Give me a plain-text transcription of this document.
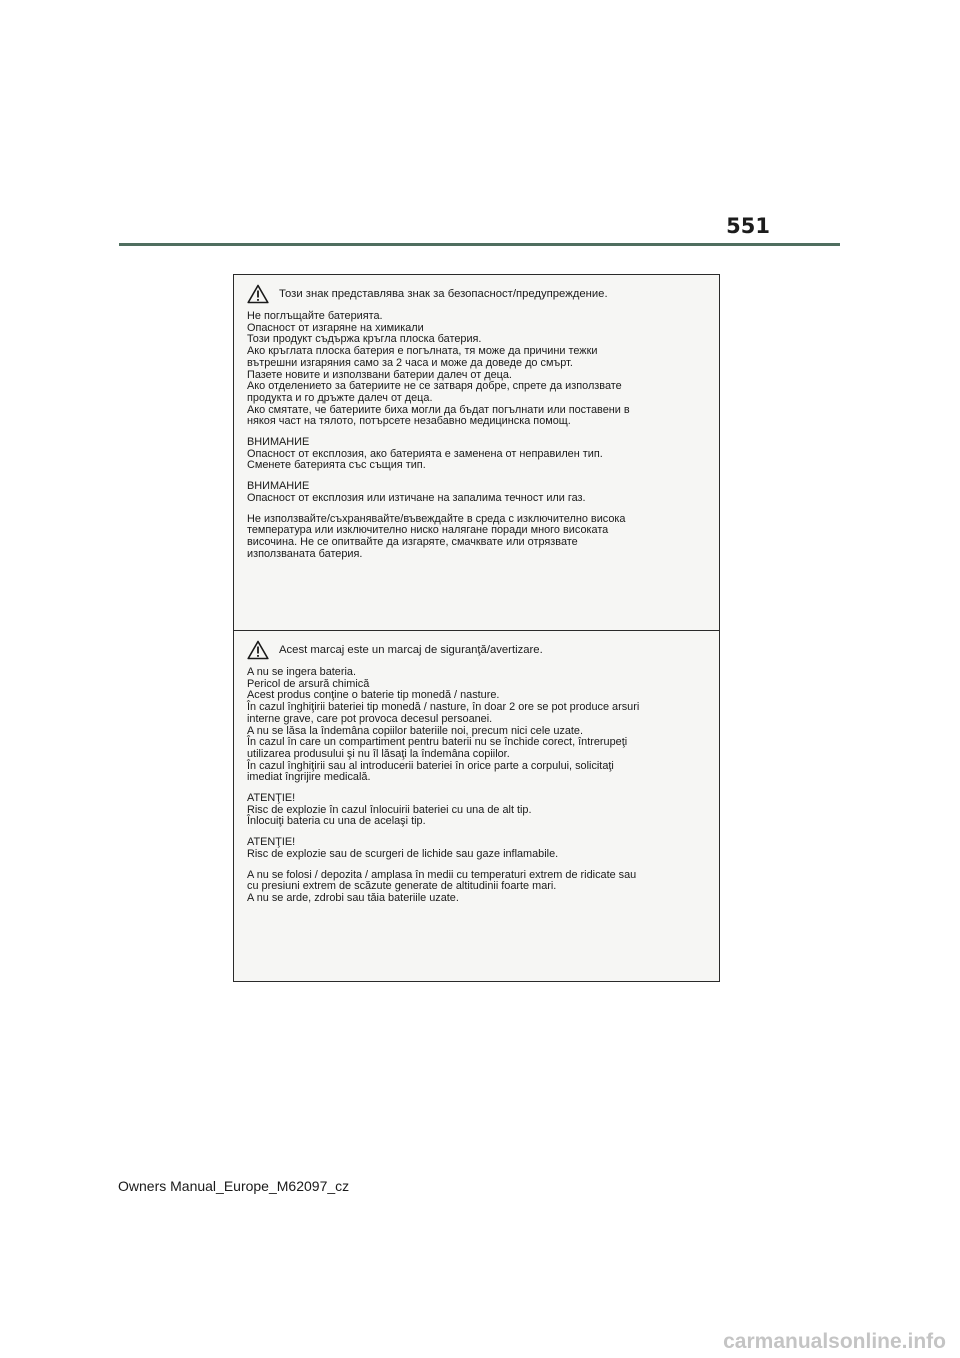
551
Този знак представлява знак за безопасност/предупреждение.

Не поглъщайте батерията.
Опасност от изгаряне на химикали
Този продукт съдържа кръгла плоска батерия.
Ако кръглата плоска батерия е погълната, тя може да причини тежки
вътрешни изгаряния само за 2 часа и може да доведе до смърт.
Пазете новите и използвани батерии далеч от деца.
Ако отделението за батериите не се затваря добре, спрете да използвате
продукта и го дръжте далеч от деца.
Ако смятате, че батериите биха могли да бъдат погълнати или поставени в
някоя част на тялото, потърсете незабавно медицинска помощ.

ВНИМАНИЕ
Опасност от експлозия, ако батерията е заменена от неправилен тип.
Сменете батерията със същия тип.

ВНИМАНИЕ
Опасност от експлозия или изтичане на запалима течност или газ.

Не използвайте/съхранявайте/въвеждайте в среда с изключително висока
температура или изключително ниско налягане поради много високата
височина. Не се опитвайте да изгаряте, смачквате или отрязвате
използваната батерия.

Acest marcaj este un marcaj de siguranţă/avertizare.

A nu se ingera bateria.
Pericol de arsură chimică
Acest produs conţine o baterie tip monedă / nasture.
În cazul înghiţirii bateriei tip monedă / nasture, în doar 2 ore se pot produce arsuri
interne grave, care pot provoca decesul persoanei.
A nu se lăsa la îndemâna copiilor bateriile noi, precum nici cele uzate.
În cazul în care un compartiment pentru baterii nu se închide corect, întrerupeţi
utilizarea produsului şi nu îl lăsaţi la îndemâna copiilor.
În cazul înghiţirii sau al introducerii bateriei în orice parte a corpului, solicitaţi
imediat îngrijire medicală.

ATENŢIE!
Risc de explozie în cazul înlocuirii bateriei cu una de alt tip.
Înlocuiţi bateria cu una de acelaşi tip.

ATENŢIE!
Risc de explozie sau de scurgeri de lichide sau gaze inflamabile.

A nu se folosi / depozita / amplasa în medii cu temperaturi extrem de ridicate sau
cu presiuni extrem de scăzute generate de altitudinii foarte mari.
A nu se arde, zdrobi sau tăia bateriile uzate.

Owners Manual_Europe_M62097_cz
carmanualsonline.info
